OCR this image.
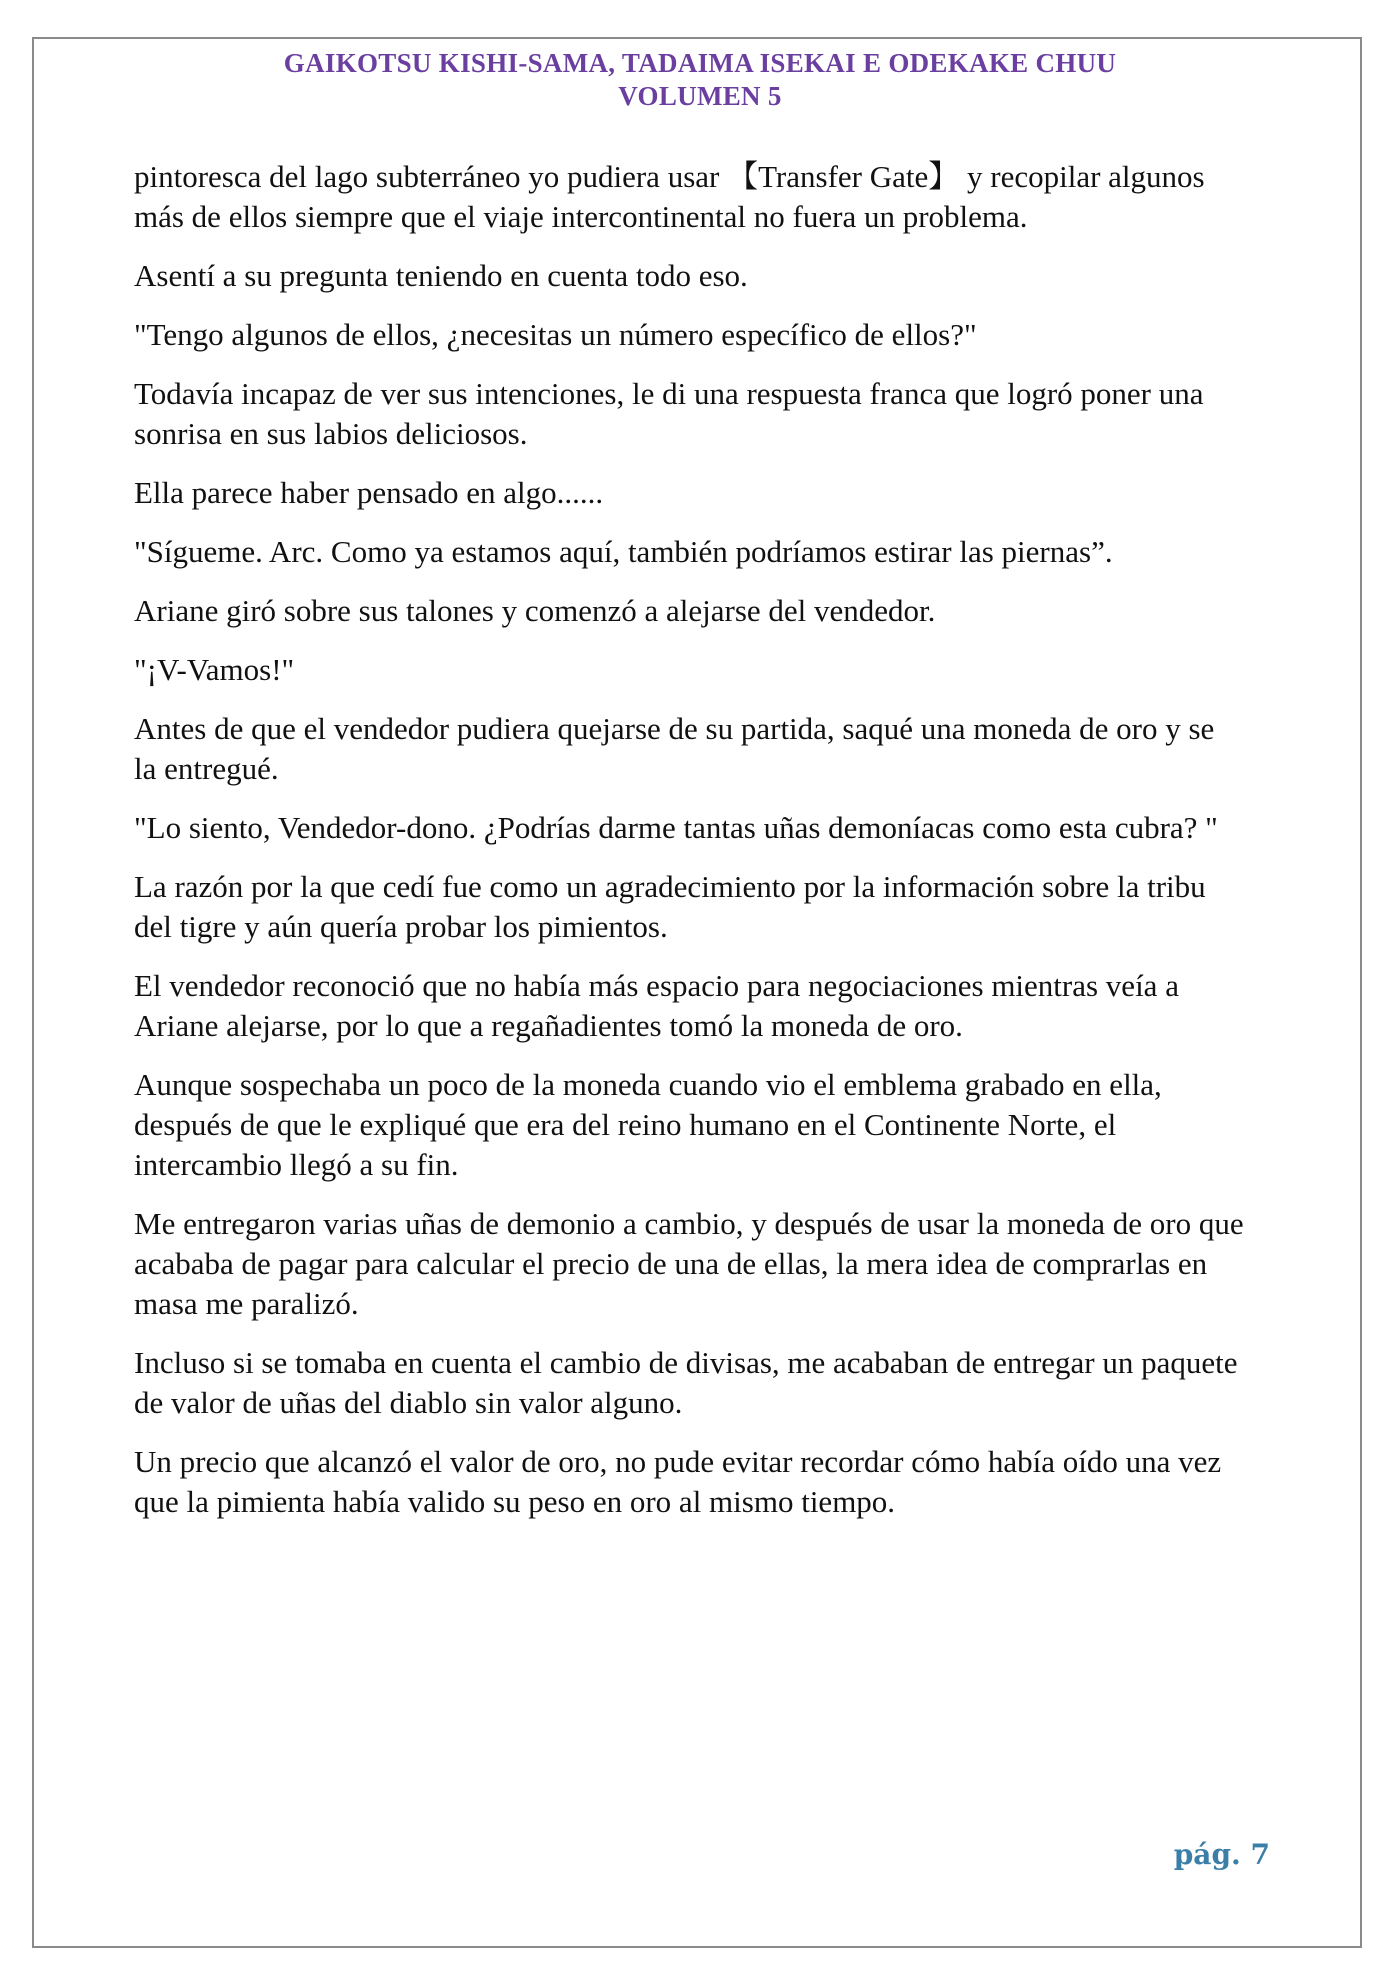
GAIKOTSU KISHI-SAMA, TADAIMA ISEKAI E ODEKAKE CHUU
VOLUMEN 5

pintoresca del lago subterráneo yo pudiera usar 【Transfer Gate】 y recopilar algunos más de ellos siempre que el viaje intercontinental no fuera un problema.

Asentí a su pregunta teniendo en cuenta todo eso.

"Tengo algunos de ellos, ¿necesitas un número específico de ellos?"

Todavía incapaz de ver sus intenciones, le di una respuesta franca que logró poner una sonrisa en sus labios deliciosos.

Ella parece haber pensado en algo......

"Sígueme. Arc. Como ya estamos aquí, también podríamos estirar las piernas”.

Ariane giró sobre sus talones y comenzó a alejarse del vendedor.

"¡V-Vamos!"

Antes de que el vendedor pudiera quejarse de su partida, saqué una moneda de oro y se la entregué.

"Lo siento, Vendedor-dono. ¿Podrías darme tantas uñas demoníacas como esta cubra? "

La razón por la que cedí fue como un agradecimiento por la información sobre la tribu del tigre y aún quería probar los pimientos.

El vendedor reconoció que no había más espacio para negociaciones mientras veía a Ariane alejarse, por lo que a regañadientes tomó la moneda de oro.

Aunque sospechaba un poco de la moneda cuando vio el emblema grabado en ella, después de que le expliqué que era del reino humano en el Continente Norte, el intercambio llegó a su fin.

Me entregaron varias uñas de demonio a cambio, y después de usar la moneda de oro que acababa de pagar para calcular el precio de una de ellas, la mera idea de comprarlas en masa me paralizó.

Incluso si se tomaba en cuenta el cambio de divisas, me acababan de entregar un paquete de valor de uñas del diablo sin valor alguno.

Un precio que alcanzó el valor de oro, no pude evitar recordar cómo había oído una vez que la pimienta había valido su peso en oro al mismo tiempo.

pág. 7
